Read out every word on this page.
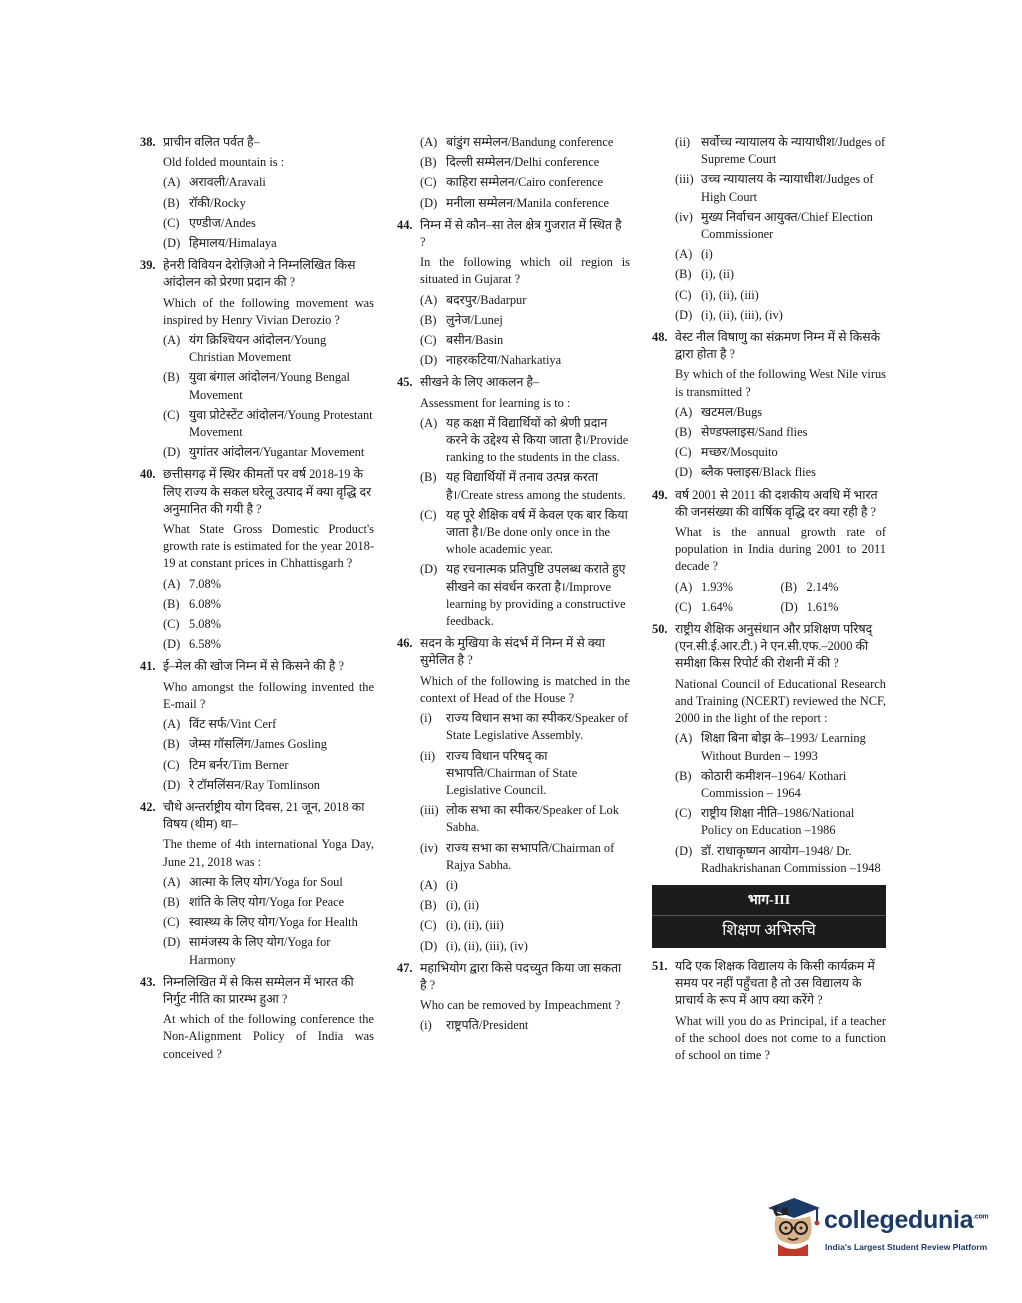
38. प्राचीन वलित पर्वत है–

Old folded mountain is :

(A) अरावली/Aravali
(B) रॉकी/Rocky
(C) एण्डीज/Andes
(D) हिमालय/Himalaya
39. हेनरी विवियन देरोज़िओ ने निम्नलिखित किस आंदोलन को प्रेरणा प्रदान की ?

Which of the following movement was inspired by Henry Vivian Derozio ?

(A) यंग क्रिश्चियन आंदोलन/Young Christian Movement
(B) युवा बंगाल आंदोलन/Young Bengal Movement
(C) युवा प्रोटेस्टेंट आंदोलन/Young Protestant Movement
(D) युगांतर आंदोलन/Yugantar Movement
40. छत्तीसगढ़ में स्थिर कीमतों पर वर्ष 2018-19 के लिए राज्य के सकल घरेलू उत्पाद में क्या वृद्धि दर अनुमानित की गयी है ?

What State Gross Domestic Product's growth rate is estimated for the year 2018-19 at constant prices in Chhattisgarh ?

(A) 7.08%
(B) 6.08%
(C) 5.08%
(D) 6.58%
41. ई–मेल की खोज निम्न में से किसने की है ?

Who amongst the following invented the E-mail ?

(A) विंट सर्फ/Vint Cerf
(B) जेम्स गॉसलिंग/James Gosling
(C) टिम बर्नर/Tim Berner
(D) रे टॉमलिंसन/Ray Tomlinson
42. चौथे अन्तर्राष्ट्रीय योग दिवस, 21 जून, 2018 का विषय (थीम) था–

The theme of 4th international Yoga Day, June 21, 2018 was :

(A) आत्मा के लिए योग/Yoga for Soul
(B) शांति के लिए योग/Yoga for Peace
(C) स्वास्थ्य के लिए योग/Yoga for Health
(D) सामंजस्य के लिए योग/Yoga for Harmony
43. निम्नलिखित में से किस सम्मेलन में भारत की निर्गुट नीति का प्रारम्भ हुआ ?

At which of the following conference the Non-Alignment Policy of India was conceived ?

(A) बांडुंग सम्मेलन/Bandung conference
(B) दिल्ली सम्मेलन/Delhi conference
(C) काहिरा सम्मेलन/Cairo conference
(D) मनीला सम्मेलन/Manila conference
44. निम्न में से कौन–सा तेल क्षेत्र गुजरात में स्थित है ?

In the following which oil region is situated in Gujarat ?

(A) बदरपुर/Badarpur
(B) लुनेज/Lunej
(C) बसीन/Basin
(D) नाहरकटिया/Naharkatiya
45. सीखने के लिए आकलन है–

Assessment for learning is to :

(A) यह कक्षा में विद्यार्थियों को श्रेणी प्रदान करने के उद्देश्य से किया जाता है।/Provide ranking to the students in the class.
(B) यह विद्यार्थियों में तनाव उत्पन्न करता है।/Create stress among the students.
(C) यह पूरे शैक्षिक वर्ष में केवल एक बार किया जाता है।/Be done only once in the whole academic year.
(D) यह रचनात्मक प्रतिपुष्टि उपलब्ध कराते हुए सीखने का संवर्धन करता है।/Improve learning by providing a constructive feedback.
46. सदन के मुखिया के संदर्भ में निम्न में से क्या सुमेलित है ?

Which of the following is matched in the context of Head of the House ?

(i)	राज्य विधान सभा का स्पीकर/Speaker of State Legislative Assembly.
(ii) राज्य विधान परिषद् का सभापति/Chairman of State Legislative Council.
(iii) लोक सभा का स्पीकर/Speaker of Lok Sabha.
(iv) राज्य सभा का सभापति/Chairman of Rajya Sabha.
(A) (i)
(B) (i), (ii)
(C) (i), (ii), (iii)
(D) (i), (ii), (iii), (iv)
47. महाभियोग द्वारा किसे पदच्युत किया जा सकता है ?

Who can be removed by Impeachment ?

(i)	राष्ट्रपति/President
(ii) सर्वोच्च न्यायालय के न्यायाधीश/Judges of Supreme Court
(iii) उच्च न्यायालय के न्यायाधीश/Judges of High Court
(iv) मुख्य निर्वाचन आयुक्त/Chief Election Commissioner
(A) (i)
(B) (i), (ii)
(C) (i), (ii), (iii)
(D) (i), (ii), (iii), (iv)
48. वेस्ट नील विषाणु का संक्रमण निम्न में से किसके द्वारा होता है ?

By which of the following West Nile virus is transmitted ?

(A) खटमल/Bugs
(B) सेण्डफ्लाइस/Sand flies
(C) मच्छर/Mosquito
(D) ब्लैक फ्लाइस/Black flies
49. वर्ष 2001 से 2011 की दशकीय अवधि में भारत की जनसंख्या की वार्षिक वृद्धि दर क्या रही है ?

What is the annual growth rate of population in India during 2001 to 2011 decade ?

(A) 1.93%	(B) 2.14%
(C) 1.64%	(D) 1.61%
50. राष्ट्रीय शैक्षिक अनुसंधान और प्रशिक्षण परिषद् (एन.सी.ई.आर.टी.) ने एन.सी.एफ.–2000 की समीक्षा किस रिपोर्ट की रोशनी में की ?

National Council of Educational Research and Training (NCERT) reviewed the NCF, 2000 in the light of the report :

(A) शिक्षा बिना बोझ के–1993/ Learning Without Burden – 1993
(B) कोठारी कमीशन–1964/ Kothari Commission – 1964
(C) राष्ट्रीय शिक्षा नीति–1986/National Policy on Education –1986
(D) डॉ. राधाकृष्णन आयोग–1948/ Dr. Radhakrishanan Commission –1948
भाग-III
शिक्षण अभिरुचि
51. यदि एक शिक्षक विद्यालय के किसी कार्यक्रम में समय पर नहीं पहुँचता है तो उस विद्यालय के प्राचार्य के रूप में आप क्या करेंगे ?

What will you do as Principal, if a teacher of the school does not come to a function of school on time ?

collegedunia$^{.com}$
India's Largest Student Review Platform
